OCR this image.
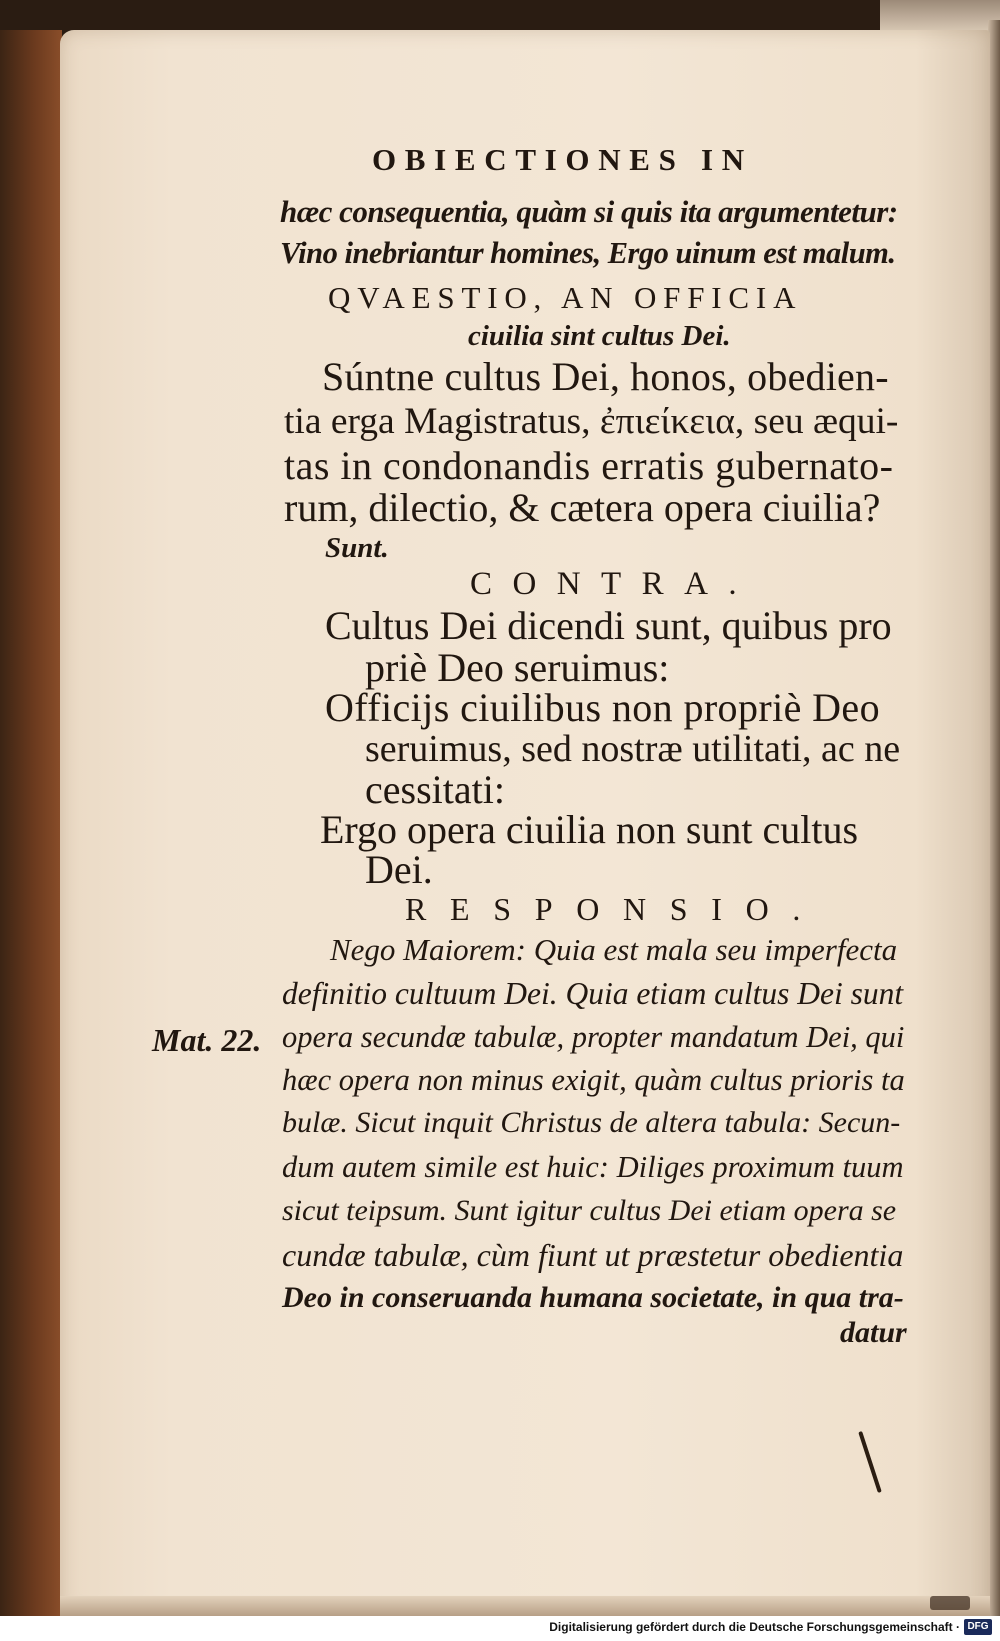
OBIECTIONES IN
hæc consequentia, quàm si quis ita argumentetur:
Vino inebriantur homines, Ergo uinum est malum.
QVAESTIO, AN OFFICIA
ciuilia sint cultus Dei.
Súntne cultus Dei, honos, obedien-
tia erga Magistratus, ἐπιείκεια, seu æqui-
tas in condonandis erratis gubernato-
rum, dilectio, & cætera opera ciuilia?
Sunt.
CONTRA.
Cultus Dei dicendi sunt, quibus pro
priè Deo seruimus:
Officijs ciuilibus non propriè Deo
seruimus, sed nostræ utilitati, ac ne
cessitati:
Ergo opera ciuilia non sunt cultus
Dei.
RESPONSIO.
Nego Maiorem: Quia est mala seu imperfecta
definitio cultuum Dei. Quia etiam cultus Dei sunt
opera secundæ tabulæ, propter mandatum Dei, qui
hæc opera non minus exigit, quàm cultus prioris ta
bulæ. Sicut inquit Christus de altera tabula: Secun-
dum autem simile est huic: Diliges proximum tuum
sicut teipsum. Sunt igitur cultus Dei etiam opera se
cundæ tabulæ, cùm fiunt ut præstetur obedientia
Deo in conseruanda humana societate, in qua tra-
datur
Mat. 22.
Digitalisierung gefördert durch die Deutsche Forschungsgemeinschaft · DFG
